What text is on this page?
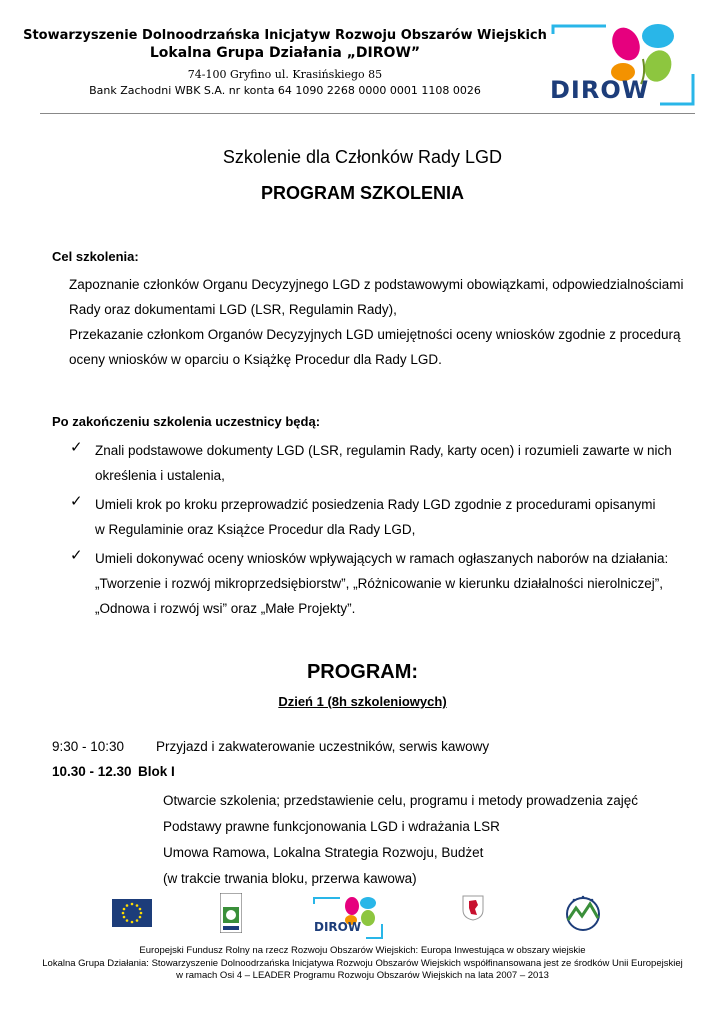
Stowarzyszenie Dolnoodrzańska Inicjatyw Rozwoju Obszarów Wiejskich
Lokalna Grupa Działania „DIROW”
74-100 Gryfino ul. Krasińskiego 85
Bank Zachodni WBK S.A. nr konta 64 1090 2268 0000 0001 1108 0026	DIROW
Szkolenie dla Członków Rady LGD
PROGRAM SZKOLENIA
Cel szkolenia:
Zapoznanie członków Organu Decyzyjnego LGD z podstawowymi obowiązkami, odpowiedzialnościami
Rady oraz dokumentami LGD (LSR, Regulamin Rady),
Przekazanie członkom Organów Decyzyjnych LGD umiejętności oceny wniosków zgodnie z procedurą
oceny wniosków w oparciu o Książkę Procedur dla Rady LGD.
Po zakończeniu szkolenia uczestnicy będą:
✓ Znali podstawowe dokumenty LGD (LSR, regulamin Rady, karty ocen) i rozumieli zawarte w nich
określenia i ustalenia,
✓ Umieli krok po kroku przeprowadzić posiedzenia Rady LGD zgodnie z procedurami opisanymi
w Regulaminie oraz Książce Procedur dla Rady LGD,
✓ Umieli dokonywać oceny wniosków wpływających w ramach ogłaszanych naborów na działania:
„Tworzenie i rozwój mikroprzedsiębiorstw”, „Różnicowanie w kierunku działalności nierolniczej”,
„Odnowa i rozwój wsi” oraz „Małe Projekty”.
PROGRAM:
Dzień 1 (8h szkoleniowych)
9:30 - 10:30 Przyjazd i zakwaterowanie uczestników, serwis kawowy
10.30 - 12.30 Blok I
Otwarcie szkolenia; przedstawienie celu, programu i metody prowadzenia zajęć
Podstawy prawne funkcjonowania LGD i wdrażania LSR
Umowa Ramowa, Lokalna Strategia Rozwoju, Budżet
(w trakcie trwania bloku, przerwa kawowa)
DIROW
Europejski Fundusz Rolny na rzecz Rozwoju Obszarów Wiejskich: Europa Inwestująca w obszary wiejskie
Lokalna Grupa Działania: Stowarzyszenie Dolnoodrzańska Inicjatywa Rozwoju Obszarów Wiejskich współfinansowana jest ze środków Unii Europejskiej
w ramach Osi 4 – LEADER Programu Rozwoju Obszarów Wiejskich na lata 2007 – 2013
